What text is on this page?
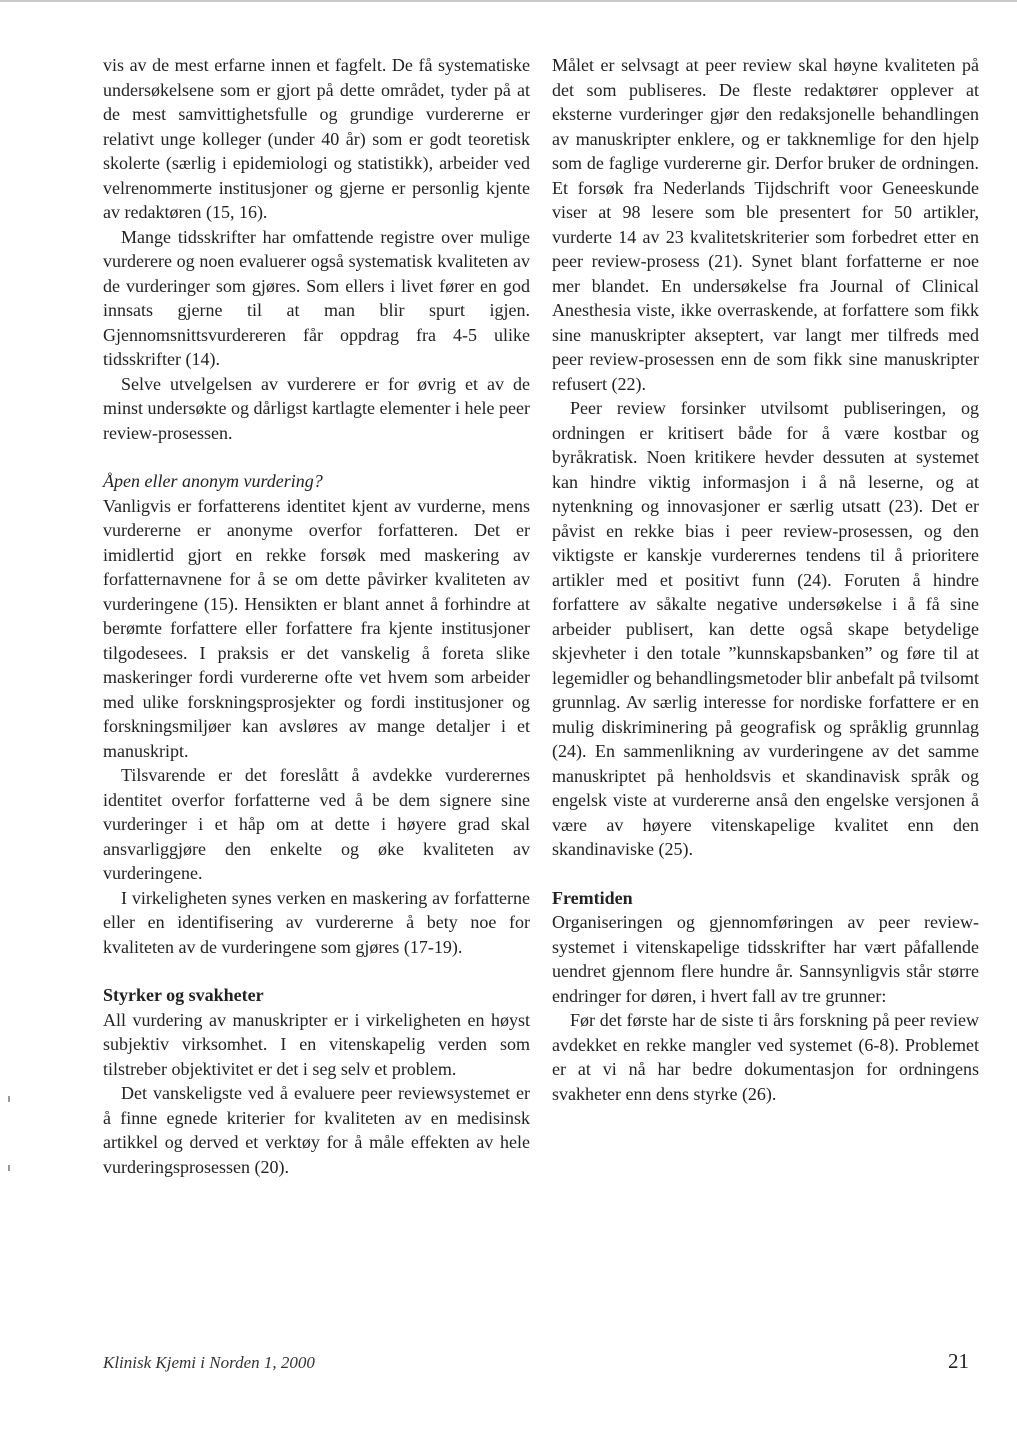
vis av de mest erfarne innen et fagfelt. De få systematiske undersøkelsene som er gjort på dette området, tyder på at de mest samvittighetsfulle og grundige vurdererne er relativt unge kolleger (under 40 år) som er godt teoretisk skolerte (særlig i epidemiologi og statistikk), arbeider ved velrenommerte institusjoner og gjerne er personlig kjente av redaktøren (15, 16).

Mange tidsskrifter har omfattende registre over mulige vurderere og noen evaluerer også systematisk kvaliteten av de vurderinger som gjøres. Som ellers i livet fører en god innsats gjerne til at man blir spurt igjen. Gjennomsnittsvurdereren får oppdrag fra 4-5 ulike tidsskrifter (14).

Selve utvelgelsen av vurderere er for øvrig et av de minst undersøkte og dårligst kartlagte elementer i hele peer review-prosessen.

Åpen eller anonym vurdering?

Vanligvis er forfatterens identitet kjent av vurderne, mens vurdererne er anonyme overfor forfatteren. Det er imidlertid gjort en rekke forsøk med maskering av forfatternavnene for å se om dette påvirker kvaliteten av vurderingene (15). Hensikten er blant annet å forhindre at berømte forfattere eller forfattere fra kjente institusjoner tilgodesees. I praksis er det vanskelig å foreta slike maskeringer fordi vurdererne ofte vet hvem som arbeider med ulike forskningsprosjekter og fordi institusjoner og forskningsmiljøer kan avsløres av mange detaljer i et manuskript.

Tilsvarende er det foreslått å avdekke vurderernes identitet overfor forfatterne ved å be dem signere sine vurderinger i et håp om at dette i høyere grad skal ansvarliggjøre den enkelte og øke kvaliteten av vurderingene.

I virkeligheten synes verken en maskering av forfatterne eller en identifisering av vurdererne å bety noe for kvaliteten av de vurderingene som gjøres (17-19).

Styrker og svakheter

All vurdering av manuskripter er i virkeligheten en høyst subjektiv virksomhet. I en vitenskapelig verden som tilstreber objektivitet er det i seg selv et problem.

Det vanskeligste ved å evaluere peer reviewsystemet er å finne egnede kriterier for kvaliteten av en medisinsk artikkel og derved et verktøy for å måle effekten av hele vurderingsprosessen (20).

Målet er selvsagt at peer review skal høyne kvaliteten på det som publiseres. De fleste redaktører opplever at eksterne vurderinger gjør den redaksjonelle behandlingen av manuskripter enklere, og er takknemlige for den hjelp som de faglige vurdererne gir. Derfor bruker de ordningen. Et forsøk fra Nederlands Tijdschrift voor Geneeskunde viser at 98 lesere som ble presentert for 50 artikler, vurderte 14 av 23 kvalitetskriterier som forbedret etter en peer review-prosess (21). Synet blant forfatterne er noe mer blandet. En undersøkelse fra Journal of Clinical Anesthesia viste, ikke overraskende, at forfattere som fikk sine manuskripter akseptert, var langt mer tilfreds med peer review-prosessen enn de som fikk sine manuskripter refusert (22).

Peer review forsinker utvilsomt publiseringen, og ordningen er kritisert både for å være kostbar og byråkratisk. Noen kritikere hevder dessuten at systemet kan hindre viktig informasjon i å nå leserne, og at nytenkning og innovasjoner er særlig utsatt (23). Det er påvist en rekke bias i peer review-prosessen, og den viktigste er kanskje vurderernes tendens til å prioritere artikler med et positivt funn (24). Foruten å hindre forfattere av såkalte negative undersøkelse i å få sine arbeider publisert, kan dette også skape betydelige skjevheter i den totale ”kunnskapsbanken” og føre til at legemidler og behandlingsmetoder blir anbefalt på tvilsomt grunnlag. Av særlig interesse for nordiske forfattere er en mulig diskriminering på geografisk og språklig grunnlag (24). En sammenlikning av vurderingene av det samme manuskriptet på henholdsvis et skandinavisk språk og engelsk viste at vurdererne anså den engelske versjonen å være av høyere vitenskapelige kvalitet enn den skandinaviske (25).

Fremtiden

Organiseringen og gjennomføringen av peer review-systemet i vitenskapelige tidsskrifter har vært påfallende uendret gjennom flere hundre år. Sannsynligvis står større endringer for døren, i hvert fall av tre grunner:

Før det første har de siste ti års forskning på peer review avdekket en rekke mangler ved systemet (6-8). Problemet er at vi nå har bedre dokumentasjon for ordningens svakheter enn dens styrke (26).

Klinisk Kjemi i Norden 1, 2000	21
